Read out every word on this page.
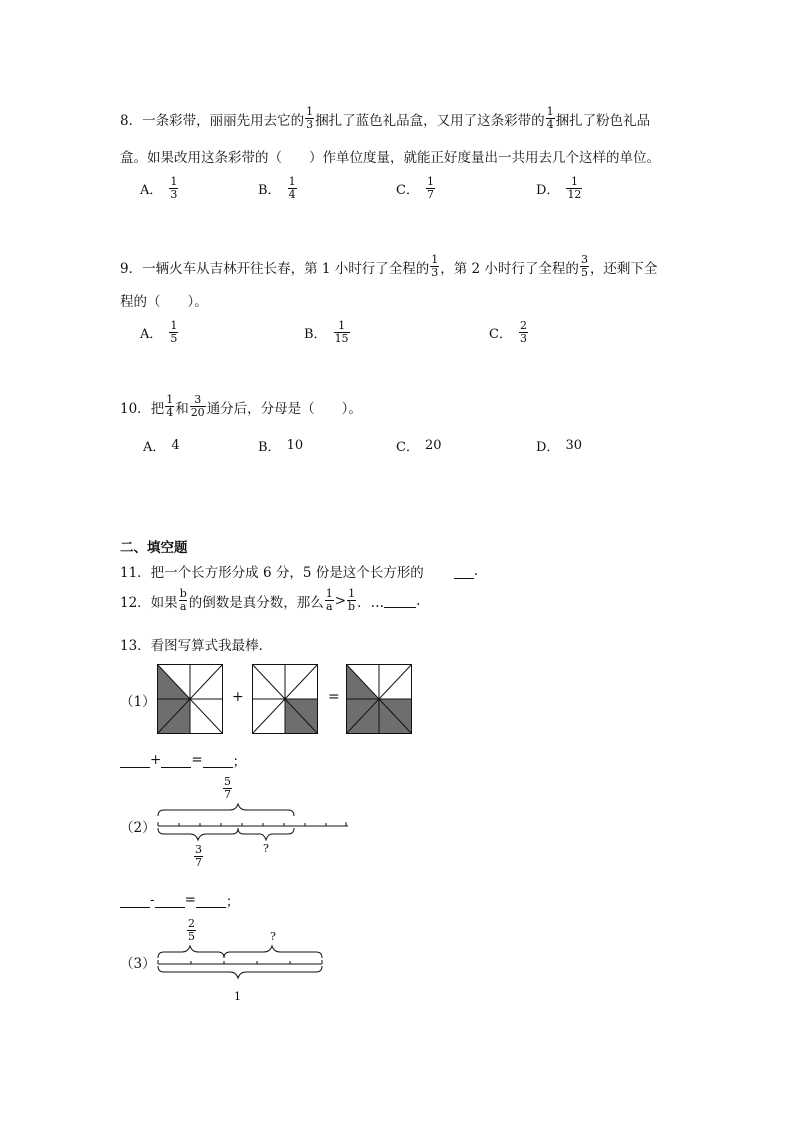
8． 一条彩带，丽丽先用去它的 $\frac{1}{3}$ 捆扎了蓝色礼品盒，又用了这条彩带的 $\frac{1}{4}$ 捆扎了粉色礼品
盒。如果改用这条彩带的（　　）作单位度量，就能正好度量出一共用去几个这样的单位。
A． $\frac{1}{3}$	B． $\frac{1}{4}$	C． $\frac{1}{7}$	D． $\frac{1}{12}$
9． 一辆火车从吉林开往长春，第 1 小时行了全程的 $\frac{1}{3}$ ，第 2 小时行了全程的 $\frac{3}{5}$ ，还剩下全
程的（　　）。
A． $\frac{1}{5}$	B． $\frac{1}{15}$	C． $\frac{2}{3}$
10． 把 $\frac{1}{4}$ 和 $\frac{3}{20}$ 通分后，分母是（　　）。
A． 4	B． 10	C． 20	D． 30
二、填空题
11．把一个长方形分成 6 分，5 份是这个长方形的	.
12．如果 $\frac{b}{a}$ 的倒数是真分数，那么 $\frac{1}{a} > \frac{1}{b}$ ．… .
13．看图写算式我最棒．
（1）	+	=
+ = ；
（2）
$\frac{5}{7}$
$\frac{3}{7}$	?
- = ；
（3）
$\frac{2}{5}$	?
1
